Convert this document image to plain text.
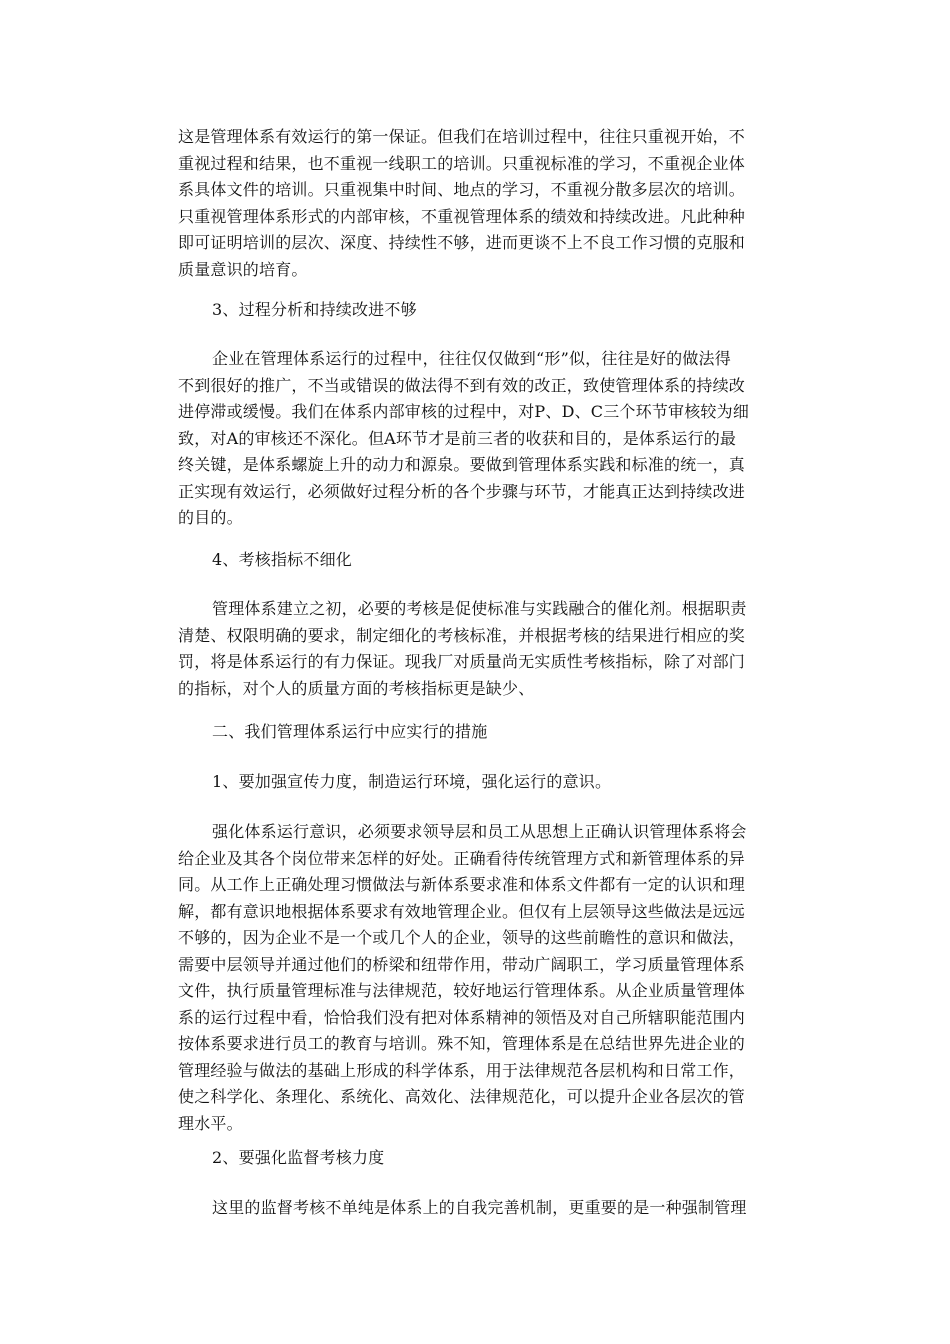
这是管理体系有效运行的第一保证。但我们在培训过程中，往往只重视开始，不
重视过程和结果，也不重视一线职工的培训。只重视标准的学习，不重视企业体
系具体文件的培训。只重视集中时间、地点的学习，不重视分散多层次的培训。
只重视管理体系形式的内部审核，不重视管理体系的绩效和持续改进。凡此种种
即可证明培训的层次、深度、持续性不够，进而更谈不上不良工作习惯的克服和
质量意识的培育。
3、过程分析和持续改进不够
企业在管理体系运行的过程中，往往仅仅做到“形”似，往往是好的做法得
不到很好的推广，不当或错误的做法得不到有效的改正，致使管理体系的持续改
进停滞或缓慢。我们在体系内部审核的过程中，对P、D、C三个环节审核较为细
致，对A的审核还不深化。但A环节才是前三者的收获和目的，是体系运行的最
终关键，是体系螺旋上升的动力和源泉。要做到管理体系实践和标准的统一，真
正实现有效运行，必须做好过程分析的各个步骤与环节，才能真正达到持续改进
的目的。
4、考核指标不细化
管理体系建立之初，必要的考核是促使标准与实践融合的催化剂。根据职责
清楚、权限明确的要求，制定细化的考核标准，并根据考核的结果进行相应的奖
罚，将是体系运行的有力保证。现我厂对质量尚无实质性考核指标，除了对部门
的指标，对个人的质量方面的考核指标更是缺少、
二、我们管理体系运行中应实行的措施
1、要加强宣传力度，制造运行环境，强化运行的意识。
强化体系运行意识，必须要求领导层和员工从思想上正确认识管理体系将会
给企业及其各个岗位带来怎样的好处。正确看待传统管理方式和新管理体系的异
同。从工作上正确处理习惯做法与新体系要求准和体系文件都有一定的认识和理
解，都有意识地根据体系要求有效地管理企业。但仅有上层领导这些做法是远远
不够的，因为企业不是一个或几个人的企业，领导的这些前瞻性的意识和做法，
需要中层领导并通过他们的桥梁和纽带作用，带动广阔职工，学习质量管理体系
文件，执行质量管理标准与法律规范，较好地运行管理体系。从企业质量管理体
系的运行过程中看，恰恰我们没有把对体系精神的领悟及对自己所辖职能范围内
按体系要求进行员工的教育与培训。殊不知，管理体系是在总结世界先进企业的
管理经验与做法的基础上形成的科学体系，用于法律规范各层机构和日常工作，
使之科学化、条理化、系统化、高效化、法律规范化，可以提升企业各层次的管
理水平。
2、要强化监督考核力度
这里的监督考核不单纯是体系上的自我完善机制，更重要的是一种强制管理
